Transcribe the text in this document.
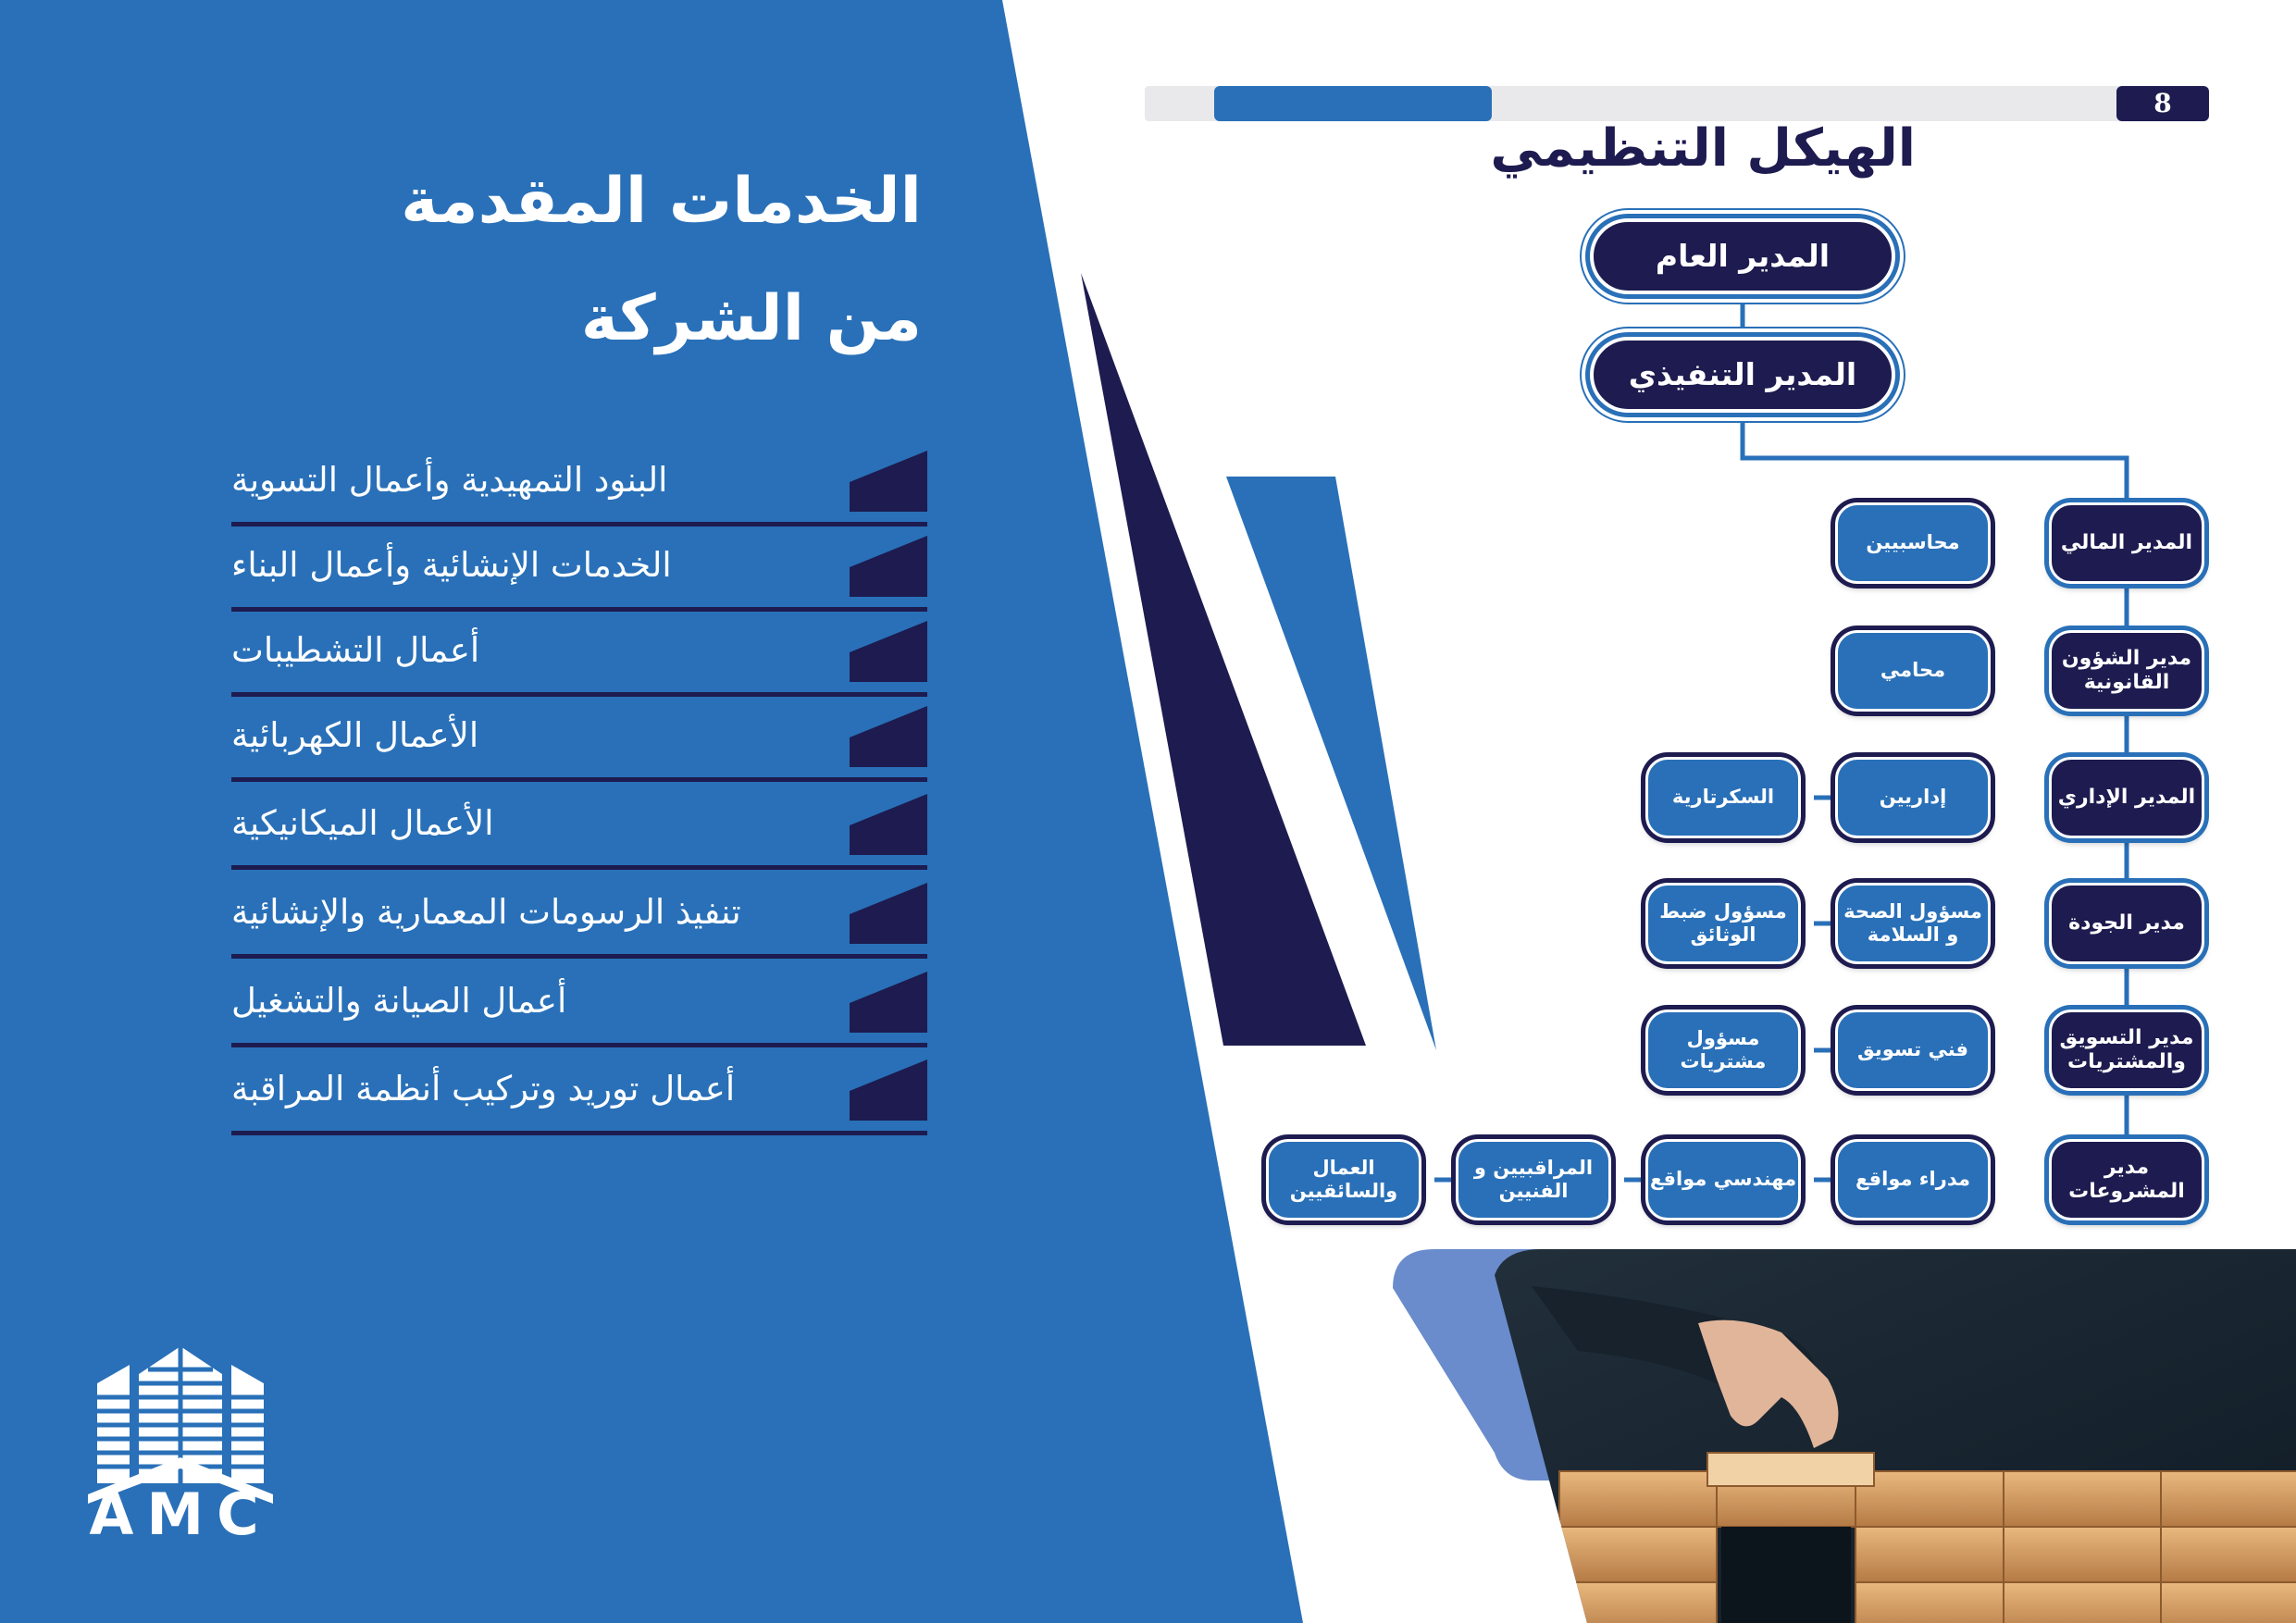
الخدمات المقدمة
من الشركة
البنود التمهيدية وأعمال التسوية
الخدمات الإنشائية وأعمال البناء
أعمال التشطيبات
الأعمال الكهربائية
الأعمال الميكانيكية
تنفيذ الرسومات المعمارية والإنشائية
أعمال الصيانة والتشغيل
أعمال توريد وتركيب أنظمة المراقبة
AMC
8
الهيكل التنظيمي
المدير العام
المدير التنفيذي
المدير المالي
محاسبيين
مدير الشؤون القانونية
محامي
المدير الإداري
إداريين
السكرتارية
مدير الجودة
مسؤول الصحة و السلامة
مسؤول ضبط الوثائق
مدير التسويق والمشتريات
فني تسويق
مسؤول مشتريات
مدير المشروعات
مدراء مواقع
مهندسي مواقع
المراقبيين و الفنيين
العمال والسائقيين
